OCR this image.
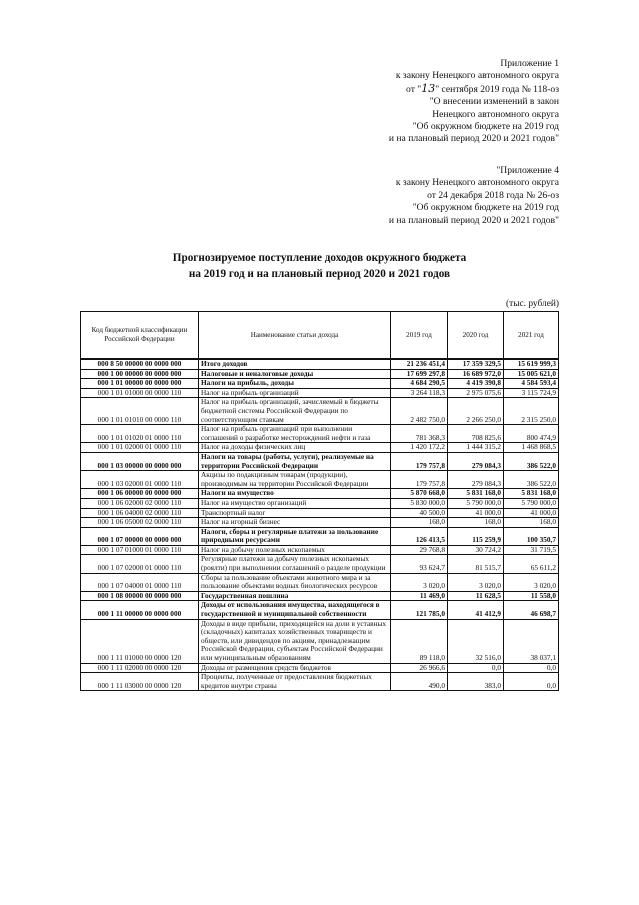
Приложение 1
к закону Ненецкого автономного округа
от "13" сентября 2019 года № 118-оз
"О внесении изменений в закон
Ненецкого автономного округа
"Об окружном бюджете на 2019 год
и на плановый период 2020 и 2021 годов"
"Приложение 4
к закону Ненецкого автономного округа
от 24 декабря 2018 года № 26-оз
"Об окружном бюджете на 2019 год
и на плановый период 2020 и 2021 годов"
Прогнозируемое поступление доходов окружного бюджета
на 2019 год и на плановый период 2020 и 2021 годов
(тыс. рублей)
Код бюджетной классификации Российской Федерации	Наименование статьи дохода	2019 год	2020 год	2021 год
000 8 50 00000 00 0000 000	Итого доходов	21 236 451,4	17 359 329,5	15 619 999,3
000 1 00 00000 00 0000 000	Налоговые и неналоговые доходы	17 699 297,8	16 689 972,0	15 005 621,0
000 1 01 00000 00 0000 000	Налоги на прибыль, доходы	4 684 290,5	4 419 390,8	4 584 593,4
000 1 01 01000 00 0000 110	Налог на прибыль организаций	3 264 118,3	2 975 075,6	3 115 724,9
000 1 01 01010 00 0000 110	Налог на прибыль организаций, зачисляемый в бюджеты бюджетной системы Российской Федерации по соответствующим ставкам	2 482 750,0	2 266 250,0	2 315 250,0
000 1 01 01020 01 0000 110	Налог на прибыль организаций при выполнении соглашений о разработке месторождений нефти и газа	781 368,3	708 825,6	800 474,9
000 1 01 02000 01 0000 110	Налог на доходы физических лиц	1 420 172,2	1 444 315,2	1 468 868,5
000 1 03 00000 00 0000 000	Налоги на товары (работы, услуги), реализуемые на территории Российской Федерации	179 757,8	279 084,3	386 522,0
000 1 03 02000 01 0000 110	Акцизы по подакцизным товарам (продукции), производимым на территории Российской Федерации	179 757,8	279 084,3	386 522,0
000 1 06 00000 00 0000 000	Налоги на имущество	5 870 668,0	5 831 168,0	5 831 168,0
000 1 06 02000 02 0000 110	Налог на имущество организаций	5 830 000,0	5 790 000,0	5 790 000,0
000 1 06 04000 02 0000 110	Транспортный налог	40 500,0	41 000,0	41 000,0
000 1 06 05000 02 0000 110	Налог на игорный бизнес	168,0	168,0	168,0
000 1 07 00000 00 0000 000	Налоги, сборы и регулярные платежи за пользование природными ресурсами	126 413,5	115 259,9	100 350,7
000 1 07 01000 01 0000 110	Налог на добычу полезных ископаемых	29 768,8	30 724,2	31 719,5
000 1 07 02000 01 0000 110	Регулярные платежи за добычу полезных ископаемых (роялти) при выполнении соглашений о разделе продукции	93 624,7	81 515,7	65 611,2
000 1 07 04000 01 0000 110	Сборы за пользование объектами животного мира и за пользование объектами водных биологических ресурсов	3 020,0	3 020,0	3 020,0
000 1 08 00000 00 0000 000	Государственная пошлина	11 469,0	11 628,5	11 558,0
000 1 11 00000 00 0000 000	Доходы от использования имущества, находящегося в государственной и муниципальной собственности	121 785,0	41 412,9	46 698,7
000 1 11 01000 00 0000 120	Доходы в виде прибыли, приходящейся на доли в уставных (складочных) капиталах хозяйственных товариществ и обществ, или дивидендов по акциям, принадлежащим Российской Федерации, субъектам Российской Федерации или муниципальным образованиям	89 118,0	32 516,0	38 037,1
000 1 11 02000 00 0000 120	Доходы от размещения средств бюджетов	26 966,6	0,0	0,0
000 1 11 03000 00 0000 120	Проценты, полученные от предоставления бюджетных кредитов внутри страны	490,0	383,0	0,0
